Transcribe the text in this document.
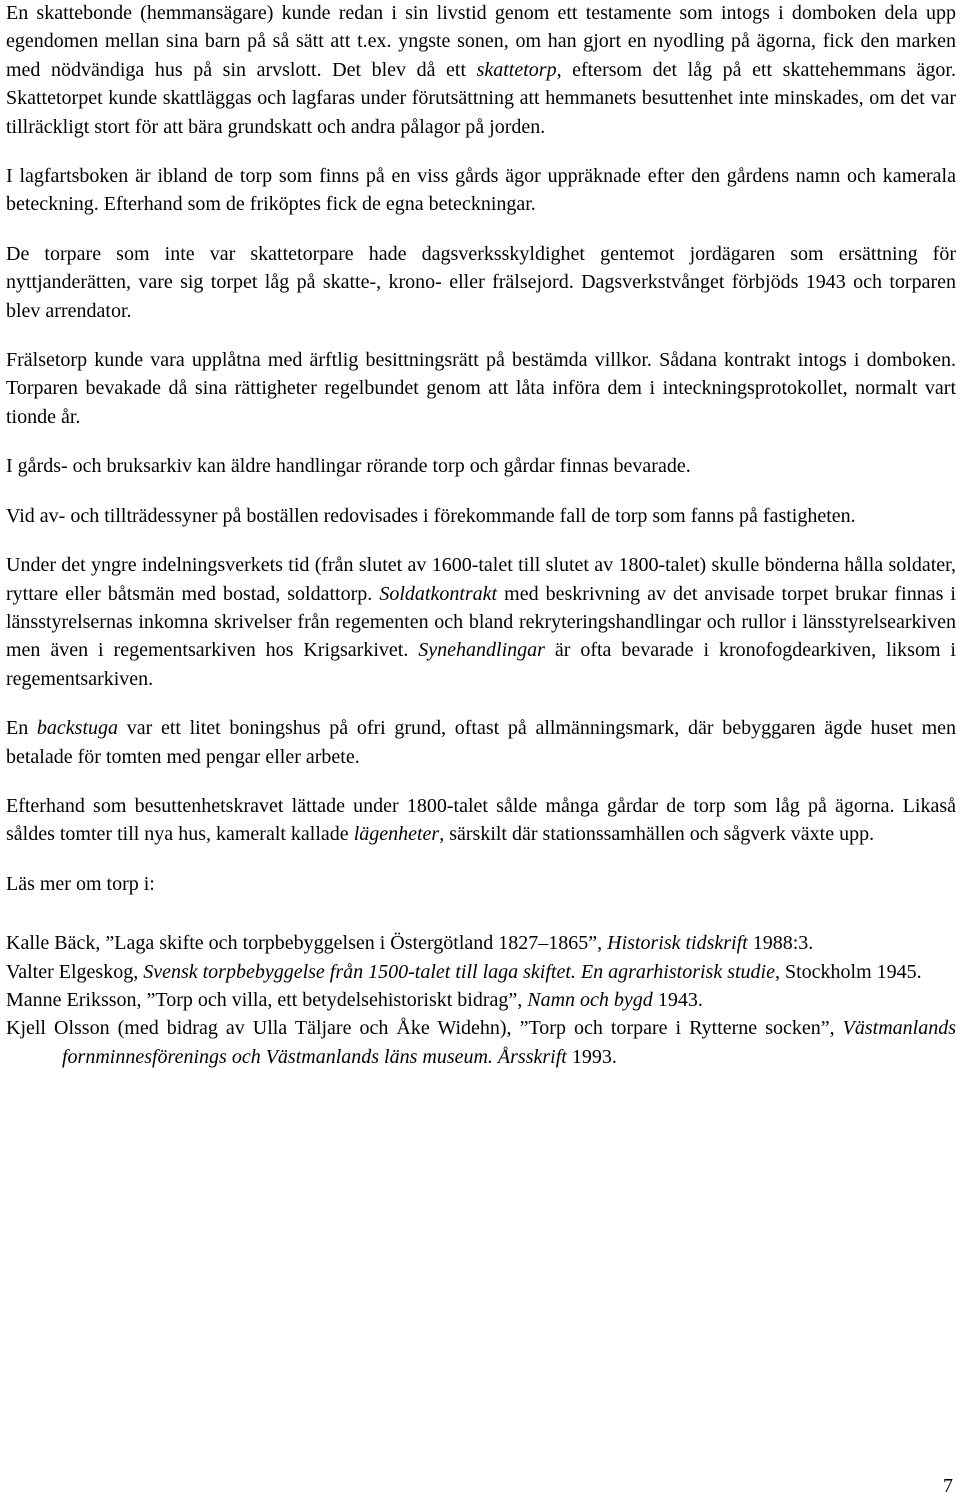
En skattebonde (hemmansägare) kunde redan i sin livstid genom ett testamente som intogs i domboken dela upp egendomen mellan sina barn på så sätt att t.ex. yngste sonen, om han gjort en nyodling på ägorna, fick den marken med nödvändiga hus på sin arvslott. Det blev då ett skattetorp, eftersom det låg på ett skattehemmans ägor. Skattetorpet kunde skattläggas och lagfaras under förutsättning att hemmanets besuttenhet inte minskades, om det var tillräckligt stort för att bära grundskatt och andra pålagor på jorden.

I lagfartsboken är ibland de torp som finns på en viss gårds ägor uppräknade efter den gårdens namn och kamerala beteckning. Efterhand som de friköptes fick de egna beteckningar.

De torpare som inte var skattetorpare hade dagsverksskyldighet gentemot jordägaren som ersättning för nyttjanderätten, vare sig torpet låg på skatte-, krono- eller frälsejord. Dagsverkstvånget förbjöds 1943 och torparen blev arrendator.

Frälsetorp kunde vara upplåtna med ärftlig besittningsrätt på bestämda villkor. Sådana kontrakt intogs i domboken. Torparen bevakade då sina rättigheter regelbundet genom att låta införa dem i inteckningsprotokollet, normalt vart tionde år.

I gårds- och bruksarkiv kan äldre handlingar rörande torp och gårdar finnas bevarade.

Vid av- och tillträdessyner på boställen redovisades i förekommande fall de torp som fanns på fastigheten.

Under det yngre indelningsverkets tid (från slutet av 1600-talet till slutet av 1800-talet) skulle bönderna hålla soldater, ryttare eller båtsmän med bostad, soldattorp. Soldatkontrakt med beskrivning av det anvisade torpet brukar finnas i länsstyrelsernas inkomna skrivelser från regementen och bland rekryteringshandlingar och rullor i länsstyrelsearkiven men även i regementsarkiven hos Krigsarkivet. Synehandlingar är ofta bevarade i kronofogdearkiven, liksom i regementsarkiven.

En backstuga var ett litet boningshus på ofri grund, oftast på allmänningsmark, där bebyggaren ägde huset men betalade för tomten med pengar eller arbete.

Efterhand som besuttenhetskravet lättade under 1800-talet sålde många gårdar de torp som låg på ägorna. Likaså såldes tomter till nya hus, kameralt kallade lägenheter, särskilt där stationssamhällen och sågverk växte upp.

Läs mer om torp i:

Kalle Bäck, ”Laga skifte och torpbebyggelsen i Östergötland 1827–1865”, Historisk tidskrift 1988:3.
Valter Elgeskog, Svensk torpbebyggelse från 1500-talet till laga skiftet. En agrarhistorisk studie, Stockholm 1945.
Manne Eriksson, ”Torp och villa, ett betydelsehistoriskt bidrag”, Namn och bygd 1943.
Kjell Olsson (med bidrag av Ulla Täljare och Åke Widehn), ”Torp och torpare i Rytterne socken”, Västmanlands fornminnesförenings och Västmanlands läns museum. Årsskrift 1993.
7
